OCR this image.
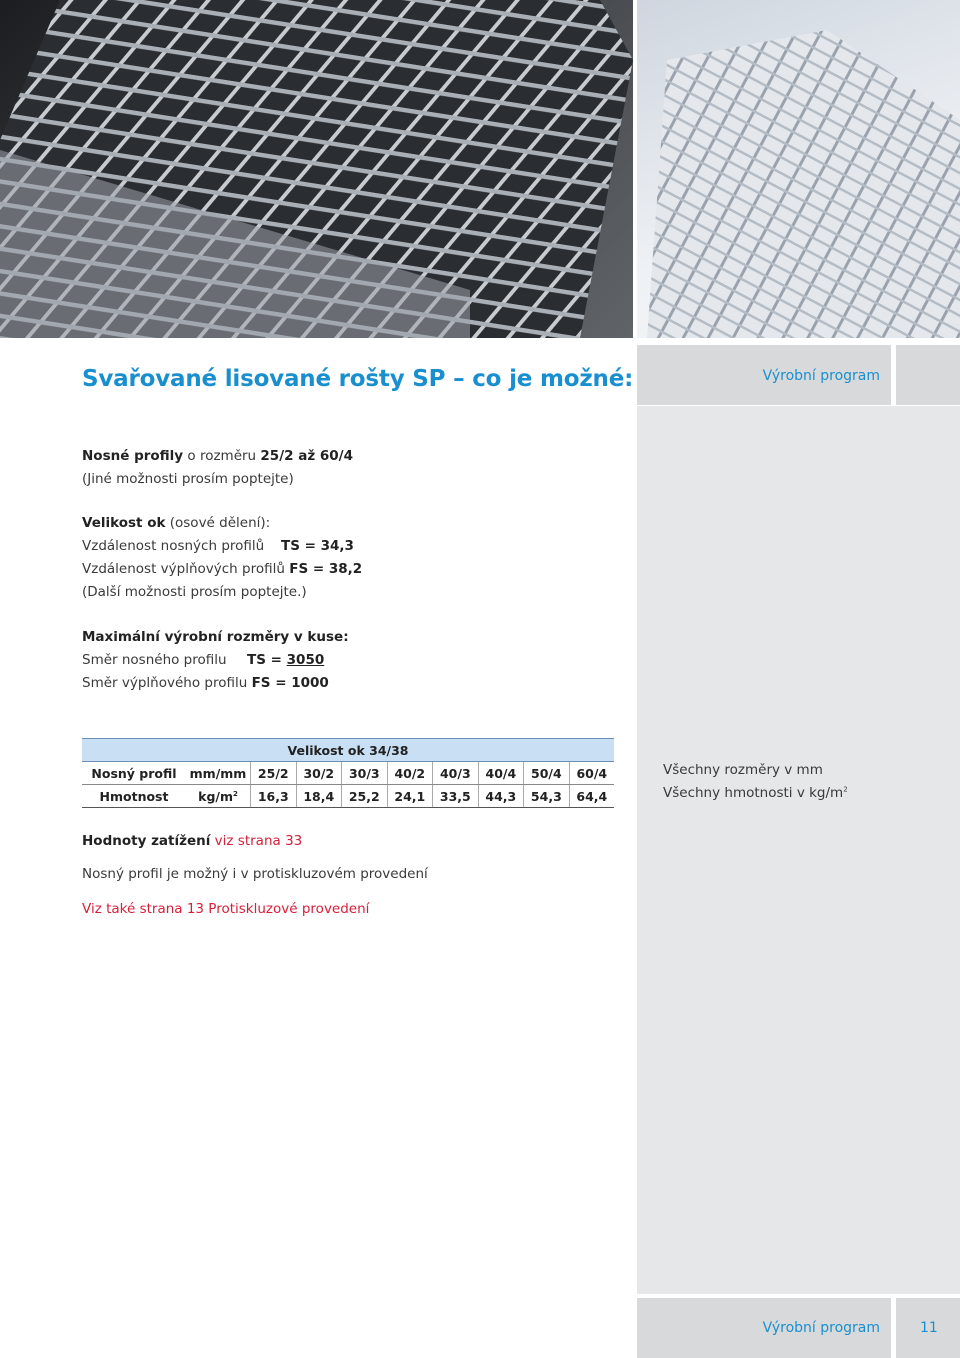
Výrobní program
Svařované lisované rošty SP – co je možné:
Nosné profily o rozměru 25/2 až 60/4
(Jiné možnosti prosím poptejte)
Velikost ok (osové dělení):
Vzdálenost nosných profilů TS = 34,3
Vzdálenost výplňových profilů FS = 38,2
(Další možnosti prosím poptejte.)
Maximální výrobní rozměry v kuse:
Směr nosného profilu TS = 3050
Směr výplňového profilu FS = 1000
Velikost ok 34/38									
Nosný profil	mm/mm	25/2	30/2	30/3	40/2	40/3	40/4	50/4	60/4
Hmotnost	$kg/m^2$	16,3	18,4	25,2	24,1	33,5	44,3	54,3	64,4
Všechny rozměry v mm
Všechny hmotnosti v $kg/m^2$
Hodnoty zatížení viz strana 33
Nosný profil je možný i v protiskluzovém provedení
Viz také strana 13 Protiskluzové provedení
Výrobní program	11
